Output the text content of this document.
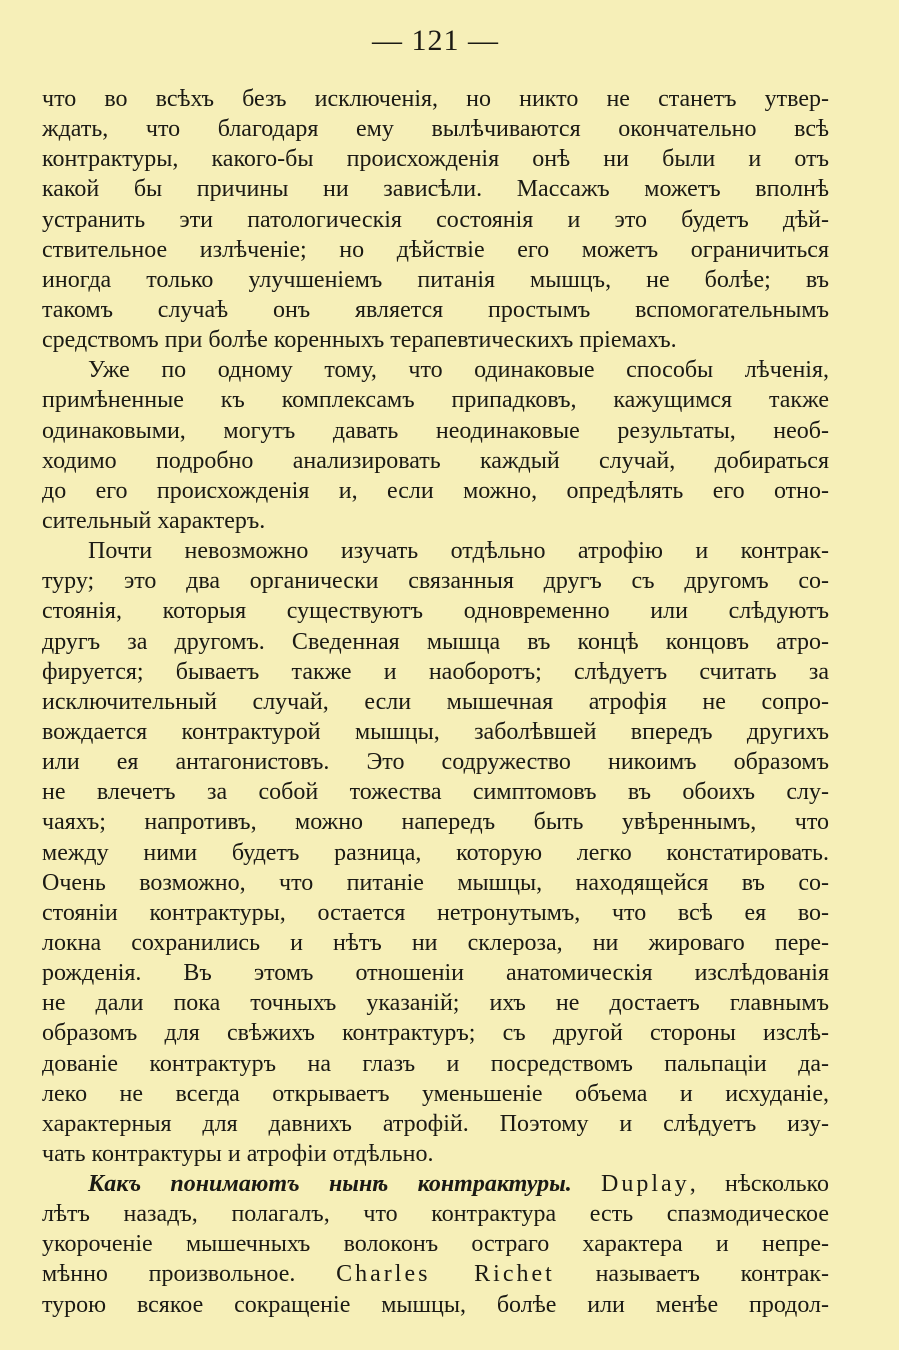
— 121 —
что во всѣхъ безъ исключенія, но никто не станетъ утвер-
ждать, что благодаря ему вылѣчиваются окончательно всѣ
контрактуры, какого-бы происхожденія онѣ ни были и отъ
какой бы причины ни зависѣли. Массажъ можетъ вполнѣ
устранить эти патологическія состоянія и это будетъ дѣй-
ствительное излѣченіе; но дѣйствіе его можетъ ограничиться
иногда только улучшеніемъ питанія мышцъ, не болѣе; въ
такомъ случаѣ онъ является простымъ вспомогательнымъ
средствомъ при болѣе коренныхъ терапевтическихъ пріемахъ.
Уже по одному тому, что одинаковые способы лѣченія,
примѣненные къ комплексамъ припадковъ, кажущимся также
одинаковыми, могутъ давать неодинаковые результаты, необ-
ходимо подробно анализировать каждый случай, добираться
до его происхожденія и, если можно, опредѣлять его отно-
сительный характеръ.
Почти невозможно изучать отдѣльно атрофію и контрак-
туру; это два органически связанныя другъ съ другомъ со-
стоянія, которыя существуютъ одновременно или слѣдуютъ
другъ за другомъ. Сведенная мышца въ концѣ концовъ атро-
фируется; бываетъ также и наоборотъ; слѣдуетъ считать за
исключительный случай, если мышечная атрофія не сопро-
вождается контрактурой мышцы, заболѣвшей впередъ другихъ
или ея антагонистовъ. Это содружество никоимъ образомъ
не влечетъ за собой тожества симптомовъ въ обоихъ слу-
чаяхъ; напротивъ, можно напередъ быть увѣреннымъ, что
между ними будетъ разница, которую легко констатировать.
Очень возможно, что питаніе мышцы, находящейся въ со-
стояніи контрактуры, остается нетронутымъ, что всѣ ея во-
локна сохранились и нѣтъ ни склероза, ни жироваго пере-
рожденія. Въ этомъ отношеніи анатомическія изслѣдованія
не дали пока точныхъ указаній; ихъ не достаетъ главнымъ
образомъ для свѣжихъ контрактуръ; съ другой стороны изслѣ-
дованіе контрактуръ на глазъ и посредствомъ пальпаціи да-
леко не всегда открываетъ уменьшеніе объема и исхуданіе,
характерныя для давнихъ атрофій. Поэтому и слѣдуетъ изу-
чать контрактуры и атрофіи отдѣльно.
Какъ понимаютъ нынѣ контрактуры. Duplay, нѣсколько
лѣтъ назадъ, полагалъ, что контрактура есть спазмодическое
укороченіе мышечныхъ волоконъ остраго характера и непре-
мѣнно произвольное. Charles Richet называетъ контрак-
турою всякое сокращеніе мышцы, болѣе или менѣе продол-
